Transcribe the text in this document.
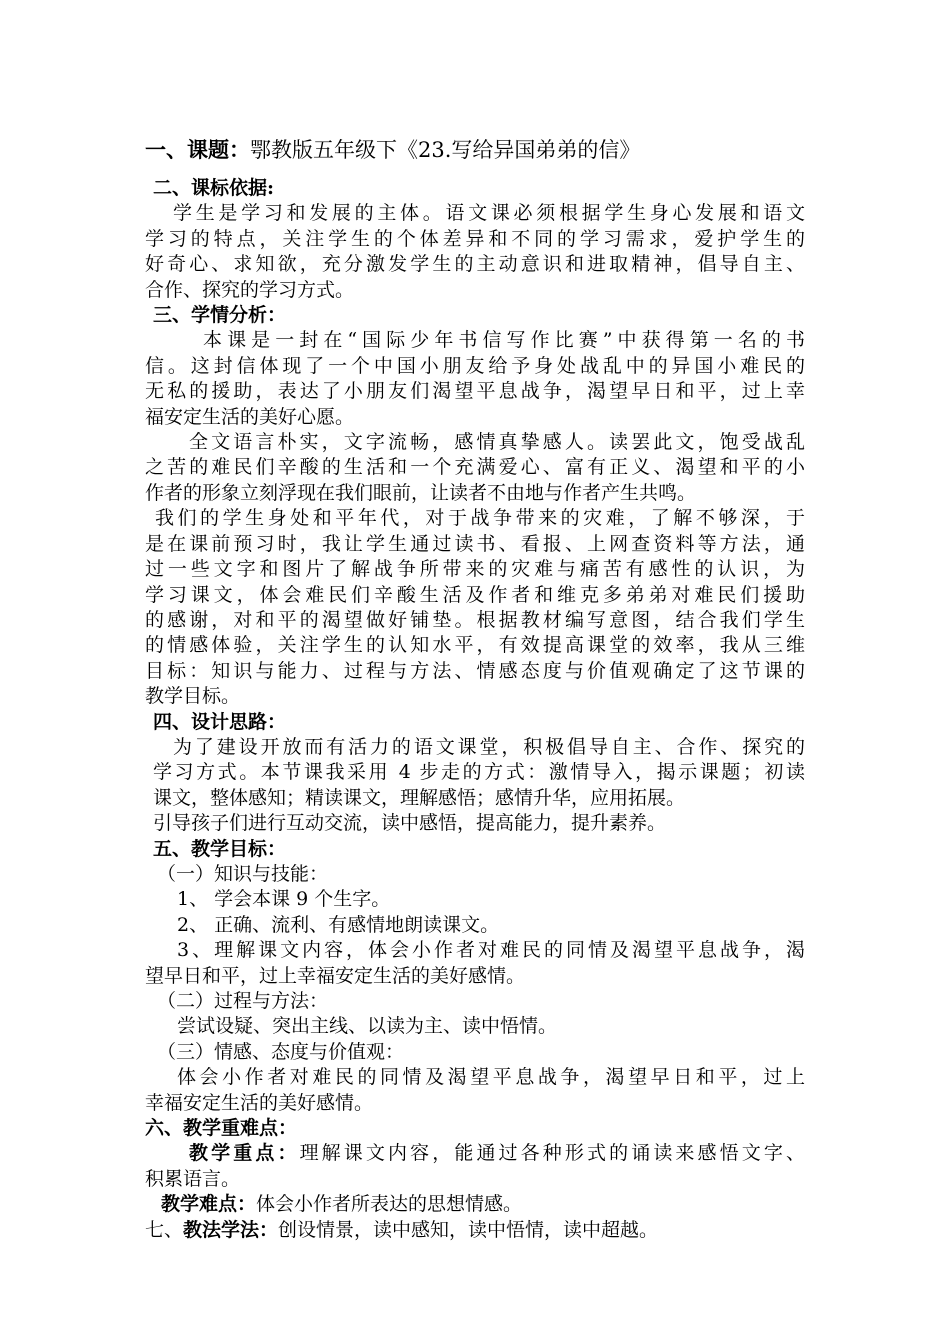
一、课题：鄂教版五年级下《23.写给异国弟弟的信》
二、课标依据:
学生是学习和发展的主体。语文课必须根据学生身心发展和语文
学习的特点，关注学生的个体差异和不同的学习需求，爱护学生的
好奇心、求知欲，充分激发学生的主动意识和进取精神，倡导自主、
合作、探究的学习方式。
三、学情分析：
本课是一封在“国际少年书信写作比赛”中获得第一名的书
信。这封信体现了一个中国小朋友给予身处战乱中的异国小难民的
无私的援助，表达了小朋友们渴望平息战争，渴望早日和平，过上幸
福安定生活的美好心愿。
全文语言朴实，文字流畅，感情真挚感人。读罢此文，饱受战乱
之苦的难民们辛酸的生活和一个充满爱心、富有正义、渴望和平的小
作者的形象立刻浮现在我们眼前，让读者不由地与作者产生共鸣。
我们的学生身处和平年代，对于战争带来的灾难，了解不够深，于
是在课前预习时，我让学生通过读书、看报、上网查资料等方法，通
过一些文字和图片了解战争所带来的灾难与痛苦有感性的认识，为
学习课文，体会难民们辛酸生活及作者和维克多弟弟对难民们援助
的感谢，对和平的渴望做好铺垫。根据教材编写意图，结合我们学生
的情感体验，关注学生的认知水平，有效提高课堂的效率，我从三维
目标：知识与能力、过程与方法、情感态度与价值观确定了这节课的
教学目标。
四、设计思路：
为了建设开放而有活力的语文课堂，积极倡导自主、合作、探究的
学习方式。本节课我采用 4 步走的方式：激情导入，揭示课题；初读
课文，整体感知；精读课文，理解感悟；感情升华，应用拓展。
引导孩子们进行互动交流，读中感悟，提高能力，提升素养。
五、教学目标：
（一）知识与技能：
1、 学会本课 9 个生字。
2、 正确、流利、有感情地朗读课文。
3、理解课文内容，体会小作者对难民的同情及渴望平息战争，渴
望早日和平，过上幸福安定生活的美好感情。
（二）过程与方法：
尝试设疑、突出主线、以读为主、读中悟情。
（三）情感、态度与价值观：
体会小作者对难民的同情及渴望平息战争，渴望早日和平，过上
幸福安定生活的美好感情。
六、教学重难点：
教学重点：理解课文内容，能通过各种形式的诵读来感悟文字、
积累语言。
教学难点：体会小作者所表达的思想情感。
七、教法学法：创设情景，读中感知，读中悟情，读中超越。
